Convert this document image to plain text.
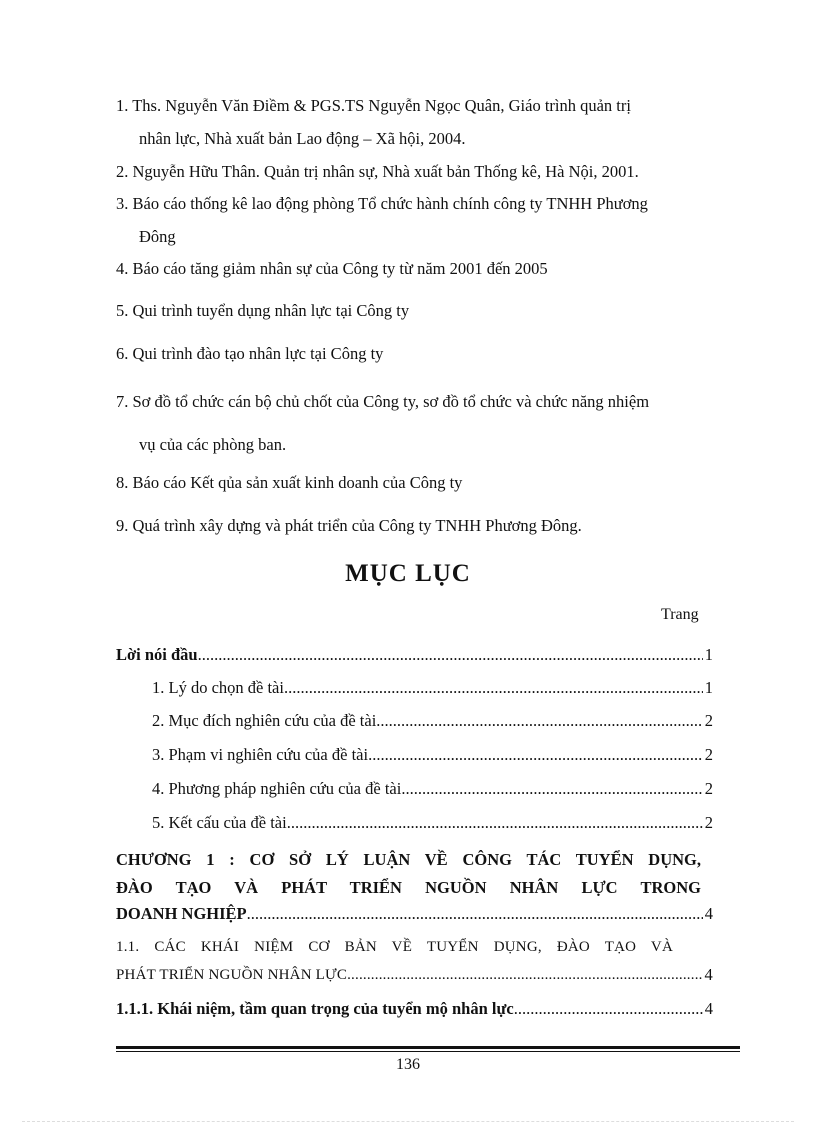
1. Ths. Nguyễn Văn Điềm & PGS.TS Nguyễn Ngọc Quân, Giáo trình quản trị
nhân lực, Nhà xuất bản Lao động – Xã hội, 2004.

2. Nguyễn Hữu Thân. Quản trị nhân sự, Nhà xuất bản Thống kê, Hà Nội, 2001.

3. Báo cáo thống kê lao động phòng Tổ chức hành chính công ty TNHH Phương
Đông

4. Báo cáo tăng giảm nhân sự của Công ty từ năm 2001 đến 2005

5. Qui trình tuyển dụng nhân lực tại Công ty

6. Qui trình đào tạo nhân lực tại Công ty

7. Sơ đồ tổ chức cán bộ chủ chốt của Công ty, sơ đồ tổ chức và chức năng nhiệm
vụ của các phòng ban.

8. Báo cáo Kết qủa sản xuất kinh doanh của Công ty

9. Quá trình xây dựng và phát triển của Công ty TNHH Phương Đông.

MỤC LỤC
Trang
Lời nói đầu .....	1
1. Lý do chọn đề tài .....	1
2. Mục đích nghiên cứu của đề tài .....	2
3. Phạm vi nghiên cứu của đề tài .....	2
4. Phương pháp nghiên cứu của đề tài .....	2
5. Kết cấu của đề tài .....	2
CHƯƠNG 1 : CƠ SỞ LÝ LUẬN VỀ CÔNG TÁC TUYỂN DỤNG,
ĐÀO TẠO VÀ PHÁT TRIỂN NGUỒN NHÂN LỰC TRONG
DOANH NGHIỆP .....	4
1.1. CÁC KHÁI NIỆM CƠ BẢN VỀ TUYỂN DỤNG, ĐÀO TẠO VÀ
PHÁT TRIỂN NGUỒN NHÂN LỰC .....	4
1.1.1. Khái niệm, tầm quan trọng của tuyển mộ nhân lực .....	4
136
